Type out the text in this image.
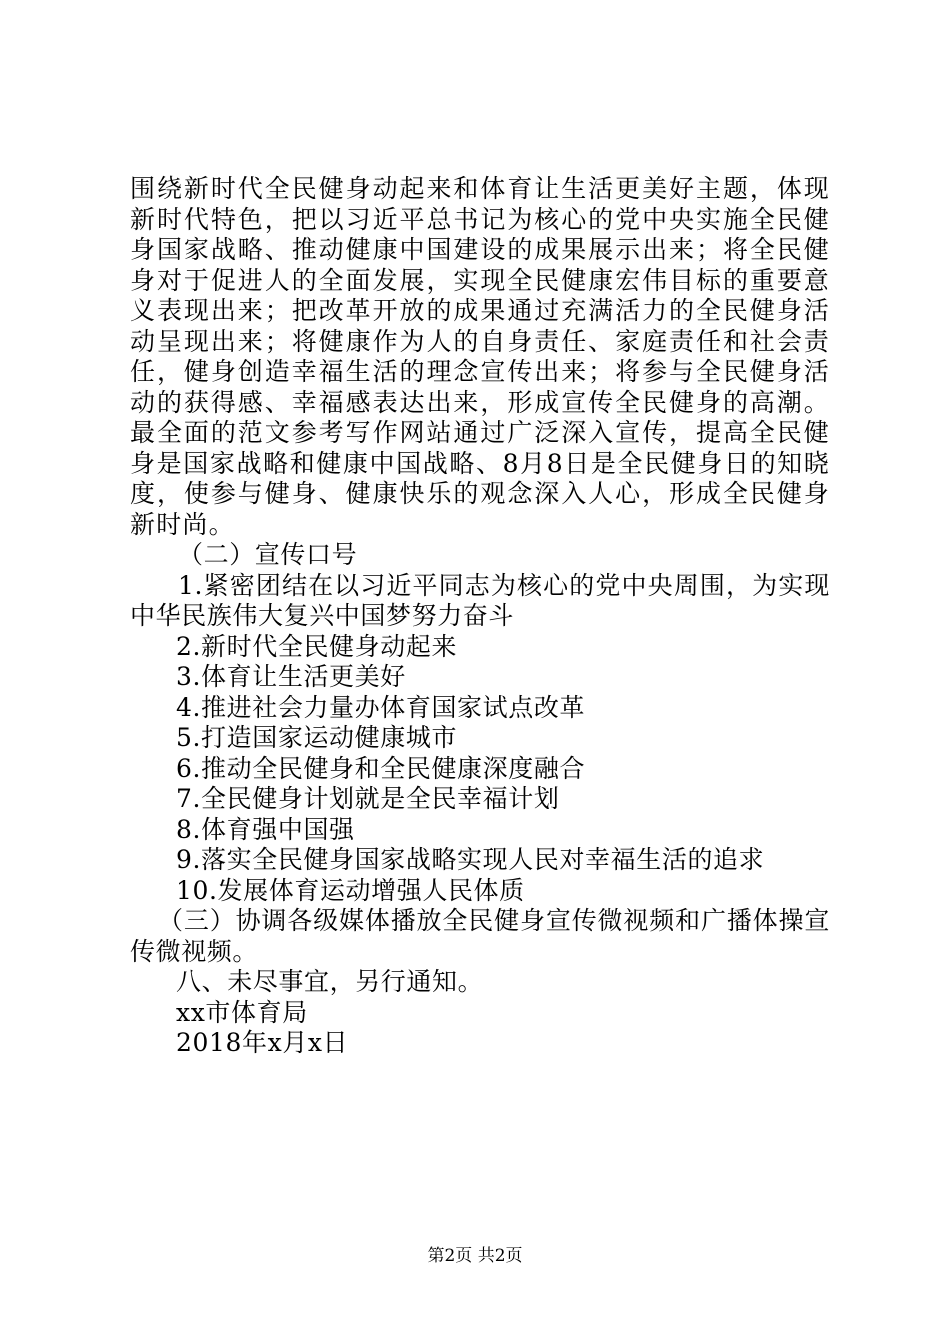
围绕新时代全民健身动起来和体育让生活更美好主题，体现新时代特色，把以习近平总书记为核心的党中央实施全民健身国家战略、推动健康中国建设的成果展示出来；将全民健身对于促进人的全面发展，实现全民健康宏伟目标的重要意义表现出来；把改革开放的成果通过充满活力的全民健身活动呈现出来；将健康作为人的自身责任、家庭责任和社会责任，健身创造幸福生活的理念宣传出来；将参与全民健身活动的获得感、幸福感表达出来，形成宣传全民健身的高潮。最全面的范文参考写作网站通过广泛深入宣传，提高全民健身是国家战略和健康中国战略、8月8日是全民健身日的知晓度，使参与健身、健康快乐的观念深入人心，形成全民健身新时尚。

（二）宣传口号

1.紧密团结在以习近平同志为核心的党中央周围，为实现中华民族伟大复兴中国梦努力奋斗

2.新时代全民健身动起来

3.体育让生活更美好

4.推进社会力量办体育国家试点改革

5.打造国家运动健康城市

6.推动全民健身和全民健康深度融合

7.全民健身计划就是全民幸福计划

8.体育强中国强

9.落实全民健身国家战略实现人民对幸福生活的追求

10.发展体育运动增强人民体质

（三）协调各级媒体播放全民健身宣传微视频和广播体操宣传微视频。

八、未尽事宜，另行通知。

xx市体育局

2018年x月x日

第2页 共2页
